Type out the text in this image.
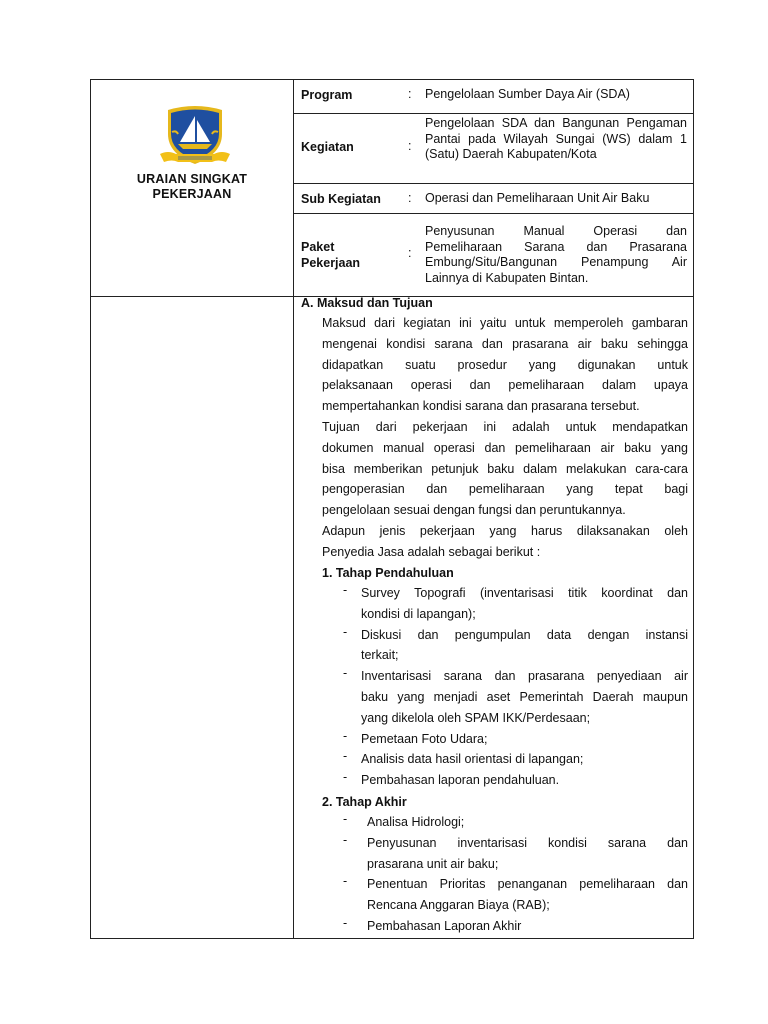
URAIAN SINGKAT
PEKERJAAN
Program	: Pengelolaan Sumber Daya Air (SDA)
Kegiatan	:
Pengelolaan SDA dan Bangunan Pengaman Pantai pada Wilayah Sungai (WS) dalam 1 (Satu) Daerah Kabupaten/Kota
Sub Kegiatan : Operasi dan Pemeliharaan Unit Air Baku
Paket
Pekerjaan
:
Penyusunan Manual Operasi dan Pemeliharaan Sarana dan Prasarana Embung/Situ/Bangunan Penampung Air Lainnya di Kabupaten Bintan.
A. Maksud dan Tujuan
Maksud dari kegiatan ini yaitu untuk memperoleh gambaran
mengenai kondisi sarana dan prasarana air baku sehingga
didapatkan suatu prosedur yang digunakan untuk
pelaksanaan operasi dan pemeliharaan dalam upaya
mempertahankan kondisi sarana dan prasarana tersebut.
Tujuan dari pekerjaan ini adalah untuk mendapatkan
dokumen manual operasi dan pemeliharaan air baku yang
bisa memberikan petunjuk baku dalam melakukan cara-cara
pengoperasian dan pemeliharaan yang tepat bagi
pengelolaan sesuai dengan fungsi dan peruntukannya.
Adapun jenis pekerjaan yang harus dilaksanakan oleh
Penyedia Jasa adalah sebagai berikut :
1. Tahap Pendahuluan
- Survey Topografi (inventarisasi titik koordinat dan
kondisi di lapangan);
- Diskusi dan pengumpulan data dengan instansi
terkait;
- Inventarisasi sarana dan prasarana penyediaan air
baku yang menjadi aset Pemerintah Daerah maupun
yang dikelola oleh SPAM IKK/Perdesaan;
- Pemetaan Foto Udara;
- Analisis data hasil orientasi di lapangan;
- Pembahasan laporan pendahuluan.
2. Tahap Akhir
- Analisa Hidrologi;
- Penyusunan inventarisasi kondisi sarana dan
prasarana unit air baku;
- Penentuan Prioritas penanganan pemeliharaan dan
Rencana Anggaran Biaya (RAB);
- Pembahasan Laporan Akhir
